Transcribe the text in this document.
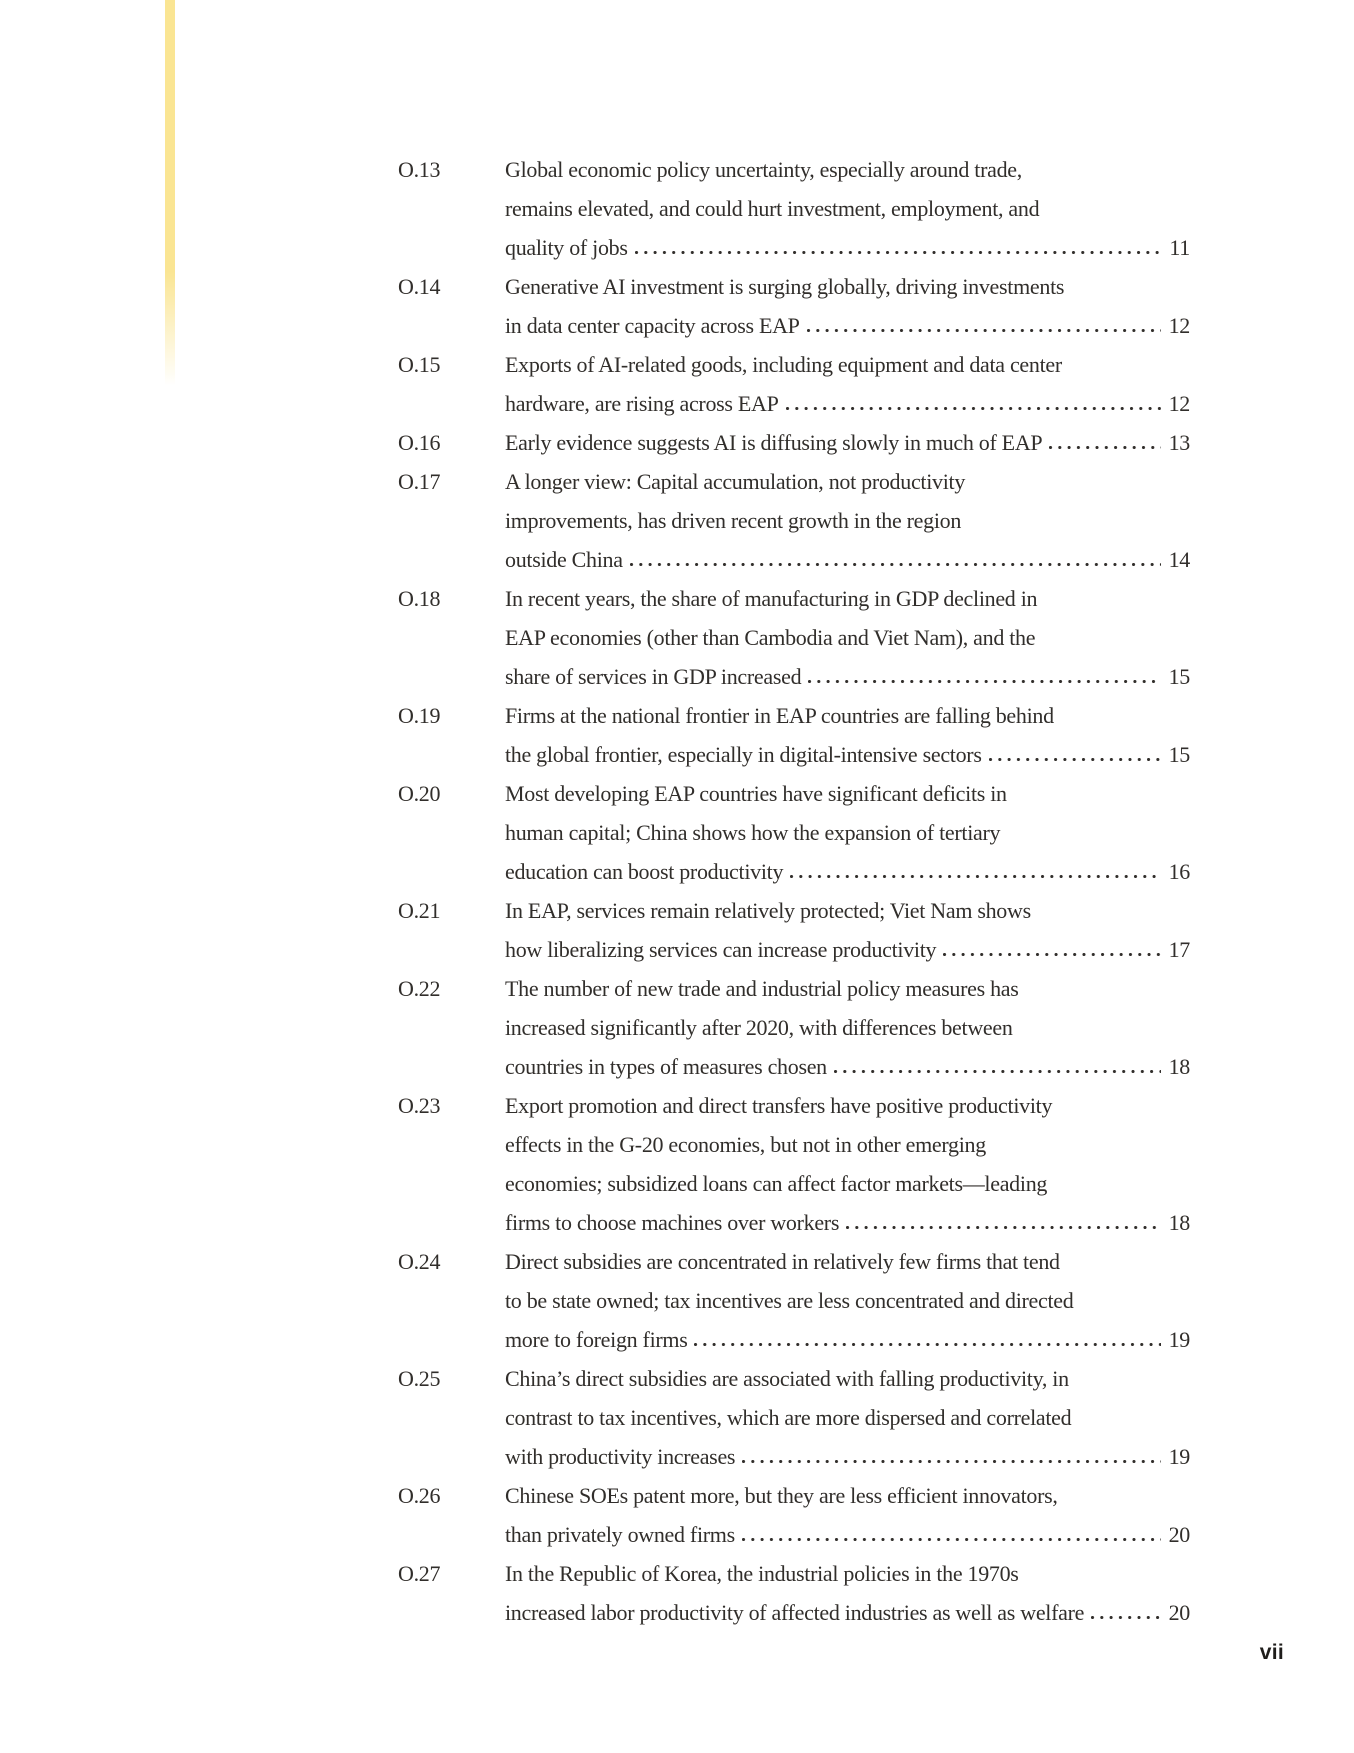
O.13	Global economic policy uncertainty, especially around trade,
remains elevated, and could hurt investment, employment, and
quality of jobs	11
O.14	Generative AI investment is surging globally, driving investments
in data center capacity across EAP	12
O.15	Exports of AI-related goods, including equipment and data center
hardware, are rising across EAP	12
O.16	Early evidence suggests AI is diffusing slowly in much of EAP	13
O.17	A longer view: Capital accumulation, not productivity
improvements, has driven recent growth in the region
outside China	14
O.18	In recent years, the share of manufacturing in GDP declined in
EAP economies (other than Cambodia and Viet Nam), and the
share of services in GDP increased	15
O.19	Firms at the national frontier in EAP countries are falling behind
the global frontier, especially in digital-intensive sectors	15
O.20	Most developing EAP countries have significant deficits in
human capital; China shows how the expansion of tertiary
education can boost productivity	16
O.21	In EAP, services remain relatively protected; Viet Nam shows
how liberalizing services can increase productivity	17
O.22	The number of new trade and industrial policy measures has
increased significantly after 2020, with differences between
countries in types of measures chosen	18
O.23	Export promotion and direct transfers have positive productivity
effects in the G-20 economies, but not in other emerging
economies; subsidized loans can affect factor markets—leading
firms to choose machines over workers	18
O.24	Direct subsidies are concentrated in relatively few firms that tend
to be state owned; tax incentives are less concentrated and directed
more to foreign firms	19
O.25	China’s direct subsidies are associated with falling productivity, in
contrast to tax incentives, which are more dispersed and correlated
with productivity increases	19
O.26	Chinese SOEs patent more, but they are less efficient innovators,
than privately owned firms	20
O.27	In the Republic of Korea, the industrial policies in the 1970s
increased labor productivity of affected industries as well as welfare	20
vii
